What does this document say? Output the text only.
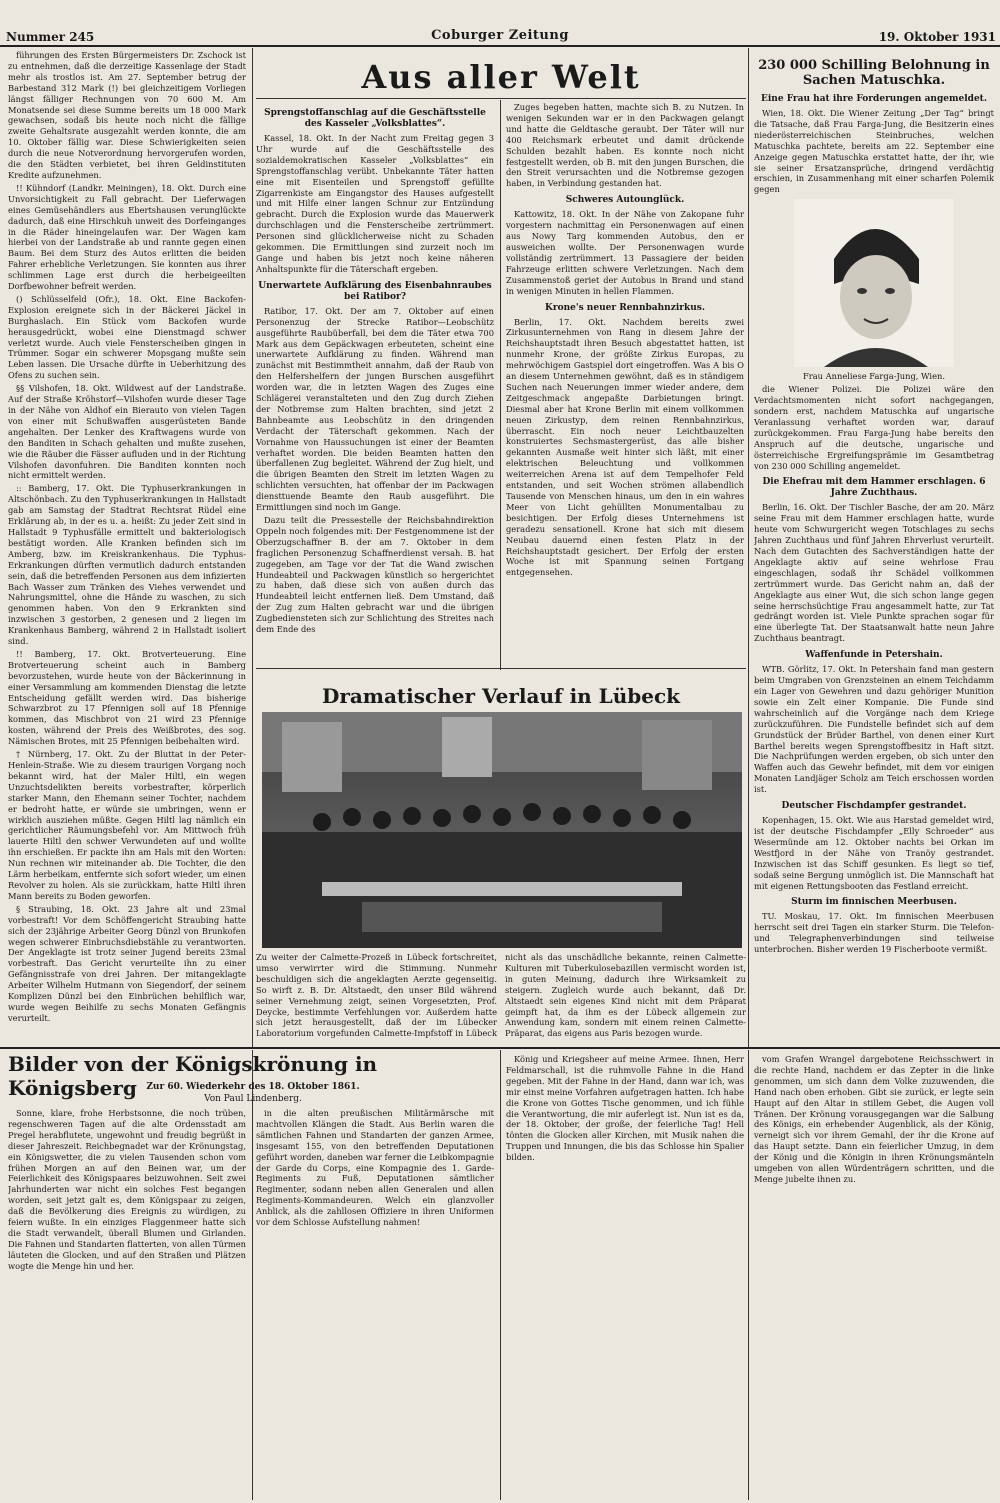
Nummer 245	Coburger Zeitung	19. Oktober 1931

führungen des Ersten Bürgermeisters Dr. Zschock ist zu entnehmen, daß die derzeitige Kassenlage der Stadt mehr als trostlos ist. Am 27. September betrug der Barbestand 312 Mark (!) bei gleichzeitigem Vorliegen längst fälliger Rechnungen von 70 600 M. Am Monatsende sei diese Summe bereits um 18 000 Mark gewachsen, sodaß bis heute noch nicht die fällige zweite Gehaltsrate ausgezahlt werden konnte, die am 10. Oktober fällig war. Diese Schwierigkeiten seien durch die neue Notverordnung hervorgerufen worden, die den Städten verbietet, bei ihren Geldinstituten Kredite aufzunehmen.

!! Kühndorf (Landkr. Meiningen), 18. Okt. Durch eine Unvorsichtigkeit zu Fall gebracht. Der Lieferwagen eines Gemüsehändlers aus Ebertshausen verunglückte dadurch, daß eine Hirschkuh unweit des Dorfeinganges in die Räder hineingelaufen war. Der Wagen kam hierbei von der Landstraße ab und rannte gegen einen Baum. Bei dem Sturz des Autos erlitten die beiden Fahrer erhebliche Verletzungen. Sie konnten aus ihrer schlimmen Lage erst durch die herbeigeeilten Dorfbewohner befreit werden.

() Schlüsselfeld (Ofr.), 18. Okt. Eine Backofen-Explosion ereignete sich in der Bäckerei Jäckel in Burghaslach. Ein Stück vom Backofen wurde herausgedrückt, wobei eine Dienstmagd schwer verletzt wurde. Auch viele Fensterscheiben gingen in Trümmer. Sogar ein schwerer Mopsgang mußte sein Leben lassen. Die Ursache dürfte in Ueberhitzung des Ofens zu suchen sein.

§§ Vilshofen, 18. Okt. Wildwest auf der Landstraße. Auf der Straße Kröhstorf—Vilshofen wurde dieser Tage in der Nähe von Aldhof ein Bierauto von vielen Tagen von einer mit Schußwaffen ausgerüsteten Bande angehalten. Der Lenker des Kraftwagens wurde von den Banditen in Schach gehalten und mußte zusehen, wie die Räuber die Fässer aufluden und in der Richtung Vilshofen davonfuhren. Die Banditen konnten noch nicht ermittelt werden.

:: Bamberg, 17. Okt. Die Typhuserkrankungen in Altschönbach. Zu den Typhuserkrankungen in Hallstadt gab am Samstag der Stadtrat Rechtsrat Rüdel eine Erklärung ab, in der es u. a. heißt: Zu jeder Zeit sind in Hallstadt 9 Typhusfälle ermittelt und bakteriologisch bestätigt worden. Alle Kranken befinden sich im Amberg, bzw. im Kreiskrankenhaus. Die Typhus-Erkrankungen dürften vermutlich dadurch entstanden sein, daß die betreffenden Personen aus dem infizierten Bach Wasser zum Tränken des Viehes verwendet und Nahrungsmittel, ohne die Hände zu waschen, zu sich genommen haben. Von den 9 Erkrankten sind inzwischen 3 gestorben, 2 genesen und 2 liegen im Krankenhaus Bamberg, während 2 in Hallstadt isoliert sind.

!! Bamberg, 17. Okt. Brotverteuerung. Eine Brotverteuerung scheint auch in Bamberg bevorzustehen, wurde heute von der Bäckerinnung in einer Versammlung am kommenden Dienstag die letzte Entscheidung gefällt werden wird. Das bisherige Schwarzbrot zu 17 Pfennigen soll auf 18 Pfennige kommen, das Mischbrot von 21 wird 23 Pfennige kosten, während der Preis des Weißbrotes, des sog. Nämischen Brotes, mit 25 Pfennigen beibehalten wird.

† Nürnberg, 17. Okt. Zu der Bluttat in der Peter-Henlein-Straße. Wie zu diesem traurigen Vorgang noch bekannt wird, hat der Maler Hiltl, ein wegen Unzuchtsdelikten bereits vorbestrafter, körperlich starker Mann, den Ehemann seiner Tochter, nachdem er bedroht hatte, er würde sie umbringen, wenn er wirklich ausziehen müßte. Gegen Hiltl lag nämlich ein gerichtlicher Räumungsbefehl vor. Am Mittwoch früh lauerte Hiltl den schwer Verwundeten auf und wollte ihn erschießen. Er packte ihn am Hals mit den Worten: Nun rechnen wir miteinander ab. Die Tochter, die den Lärm herbeikam, entfernte sich sofort wieder, um einen Revolver zu holen. Als sie zurückkam, hatte Hiltl ihren Mann bereits zu Boden geworfen.

§ Straubing, 18. Okt. 23 Jahre alt und 23mal vorbestraft! Vor dem Schöffengericht Straubing hatte sich der 23jährige Arbeiter Georg Dünzl von Brunkofen wegen schwerer Einbruchsdiebstähle zu verantworten. Der Angeklagte ist trotz seiner Jugend bereits 23mal vorbestraft. Das Gericht verurteilte ihn zu einer Gefängnisstrafe von drei Jahren. Der mitangeklagte Arbeiter Wilhelm Hutmann von Siegendorf, der seinem Komplizen Dünzl bei den Einbrüchen behilflich war, wurde wegen Beihilfe zu sechs Monaten Gefängnis verurteilt.

Aus aller Welt

Sprengstoffanschlag auf die Geschäftsstelle des Kasseler „Volksblattes“.

Kassel, 18. Okt. In der Nacht zum Freitag gegen 3 Uhr wurde auf die Geschäftsstelle des sozialdemokratischen Kasseler „Volksblattes“ ein Sprengstoffanschlag verübt. Unbekannte Täter hatten eine mit Eisenteilen und Sprengstoff gefüllte Zigarrenkiste am Eingangstor des Hauses aufgestellt und mit Hilfe einer langen Schnur zur Entzündung gebracht. Durch die Explosion wurde das Mauerwerk durchschlagen und die Fensterscheibe zertrümmert. Personen sind glücklicherweise nicht zu Schaden gekommen. Die Ermittlungen sind zurzeit noch im Gange und haben bis jetzt noch keine näheren Anhaltspunkte für die Täterschaft ergeben.

Unerwartete Aufklärung des Eisenbahnraubes bei Ratibor?

Ratibor, 17. Okt. Der am 7. Oktober auf einen Personenzug der Strecke Ratibor—Leobschütz ausgeführte Raubüberfall, bei dem die Täter etwa 700 Mark aus dem Gepäckwagen erbeuteten, scheint eine unerwartete Aufklärung zu finden. Während man zunächst mit Bestimmtheit annahm, daß der Raub von den Helfershelfern der jungen Burschen ausgeführt worden war, die in letzten Wagen des Zuges eine Schlägerei veranstalteten und den Zug durch Ziehen der Notbremse zum Halten brachten, sind jetzt 2 Bahnbeamte aus Leobschütz in den dringenden Verdacht der Täterschaft gekommen. Nach der Vornahme von Haussuchungen ist einer der Beamten verhaftet worden. Die beiden Beamten hatten den überfallenen Zug begleitet. Während der Zug hielt, und die übrigen Beamten den Streit im letzten Wagen zu schlichten versuchten, hat offenbar der im Packwagen diensttuende Beamte den Raub ausgeführt. Die Ermittlungen sind noch im Gange.

Dazu teilt die Pressestelle der Reichsbahndirektion Oppeln noch folgendes mit: Der Festgenommene ist der Oberzugschaffner B. der am 7. Oktober in dem fraglichen Personenzug Schaffnerdienst versah. B. hat zugegeben, am Tage vor der Tat die Wand zwischen Hundeabteil und Packwagen künstlich so hergerichtet zu haben, daß diese sich von außen durch das Hundeabteil leicht entfernen ließ. Dem Umstand, daß der Zug zum Halten gebracht war und die übrigen Zugbediensteten sich zur Schlichtung des Streites nach dem Ende des

Zuges begeben hatten, machte sich B. zu Nutzen. In wenigen Sekunden war er in den Packwagen gelangt und hatte die Geldtasche geraubt. Der Täter will nur 400 Reichsmark erbeutet und damit drückende Schulden bezahlt haben. Es konnte noch nicht festgestellt werden, ob B. mit den jungen Burschen, die den Streit verursachten und die Notbremse gezogen haben, in Verbindung gestanden hat.

Schweres Autounglück.

Kattowitz, 18. Okt. In der Nähe von Zakopane fuhr vorgestern nachmittag ein Personenwagen auf einen aus Nowy Targ kommenden Autobus, den er ausweichen wollte. Der Personenwagen wurde vollständig zertrümmert. 13 Passagiere der beiden Fahrzeuge erlitten schwere Verletzungen. Nach dem Zusammenstoß geriet der Autobus in Brand und stand in wenigen Minuten in hellen Flammen.

Krone's neuer Rennbahnzirkus.

Berlin, 17. Okt. Nachdem bereits zwei Zirkusunternehmen von Rang in diesem Jahre der Reichshauptstadt ihren Besuch abgestattet hatten, ist nunmehr Krone, der größte Zirkus Europas, zu mehrwöchigem Gastspiel dort eingetroffen. Was A bis O an diesem Unternehmen gewöhnt, daß es in ständigem Suchen nach Neuerungen immer wieder andere, dem Zeitgeschmack angepaßte Darbietungen bringt. Diesmal aber hat Krone Berlin mit einem vollkommen neuen Zirkustyp, dem reinen Rennbahnzirkus, überrascht. Ein noch neuer Leichtbauzelten konstruiertes Sechsmastergerüst, das alle bisher gekannten Ausmaße weit hinter sich läßt, mit einer elektrischen Beleuchtung und vollkommen weiterreichen Arena ist auf dem Tempelhofer Feld entstanden, und seit Wochen strömen allabendlich Tausende von Menschen hinaus, um den in ein wahres Meer von Licht gehüllten Monumentalbau zu besichtigen. Der Erfolg dieses Unternehmens ist geradezu sensationell. Krone hat sich mit diesem Neubau dauernd einen festen Platz in der Reichshauptstadt gesichert. Der Erfolg der ersten Woche ist mit Spannung seinen Fortgang entgegensehen.

Dramatischer Verlauf in Lübeck
Zu weiter der Calmette-Prozeß in Lübeck fortschreitet, umso verwirrter wird die Stimmung. Nunmehr beschuldigen sich die angeklagten Aerzte gegenseitig. So wirft z. B. Dr. Altstaedt, den unser Bild während seiner Vernehmung zeigt, seinen Vorgesetzten, Prof. Deycke, bestimmte Verfehlungen vor. Außerdem hatte sich jetzt herausgestellt, daß der im Lübecker Laboratorium vorgefunden Calmette-Impfstoff in Lübeck nicht als das unschädliche bekannte, reinen Calmette-Kulturen mit Tuberkulosebazillen vermischt worden ist, in guten Meinung, dadurch ihre Wirksamkeit zu steigern. Zugleich wurde auch bekannt, daß Dr. Altstaedt sein eigenes Kind nicht mit dem Präparat geimpft hat, da ihm es der Lübeck allgemein zur Anwendung kam, sondern mit einem reinen Calmette-Präparat, das eigens aus Paris bezogen wurde.

230 000 Schilling Belohnung in Sachen Matuschka.

Eine Frau hat ihre Forderungen angemeldet.

Wien, 18. Okt. Die Wiener Zeitung „Der Tag“ bringt die Tatsache, daß Frau Farga-Jung, die Besitzerin eines niederösterreichischen Steinbruches, welchen Matuschka pachtete, bereits am 22. September eine Anzeige gegen Matuschka erstattet hatte, der ihr, wie sie seiner Ersatzansprüche, dringend verdächtig erschien, in Zusammenhang mit einer scharfen Polemik gegen

Frau Anneliese Farga-Jung, Wien.

die Wiener Polizei. Die Polizei wäre den Verdachtsmomenten nicht sofort nachgegangen, sondern erst, nachdem Matuschka auf ungarische Veranlassung verhaftet worden war, darauf zurückgekommen. Frau Farga-Jung habe bereits den Anspruch auf die deutsche, ungarische und österreichische Ergreifungsprämie im Gesamtbetrag von 230 000 Schilling angemeldet.

Die Ehefrau mit dem Hammer erschlagen. 6 Jahre Zuchthaus.

Berlin, 16. Okt. Der Tischler Basche, der am 20. März seine Frau mit dem Hammer erschlagen hatte, wurde heute vom Schwurgericht wegen Totschlages zu sechs Jahren Zuchthaus und fünf Jahren Ehrverlust verurteilt. Nach dem Gutachten des Sachverständigen hatte der Angeklagte aktiv auf seine wehrlose Frau eingeschlagen, sodaß ihr Schädel vollkommen zertrümmert wurde. Das Gericht nahm an, daß der Angeklagte aus einer Wut, die sich schon lange gegen seine herrschsüchtige Frau angesammelt hatte, zur Tat gedrängt worden ist. Viele Punkte sprachen sogar für eine überlegte Tat. Der Staatsanwalt hatte neun Jahre Zuchthaus beantragt.

Waffenfunde in Petershain.

WTB. Görlitz, 17. Okt. In Petershain fand man gestern beim Umgraben von Grenzsteinen an einem Teichdamm ein Lager von Gewehren und dazu gehöriger Munition sowie ein Zelt einer Kompanie. Die Funde sind wahrscheinlich auf die Vorgänge nach dem Kriege zurückzuführen. Die Fundstelle befindet sich auf dem Grundstück der Brüder Barthel, von denen einer Kurt Barthel bereits wegen Sprengstoffbesitz in Haft sitzt. Die Nachprüfungen werden ergeben, ob sich unter den Waffen auch das Gewehr befindet, mit dem vor einigen Monaten Landjäger Scholz am Teich erschossen worden ist.

Deutscher Fischdampfer gestrandet.

Kopenhagen, 15. Okt. Wie aus Harstad gemeldet wird, ist der deutsche Fischdampfer „Elly Schroeder“ aus Wesermünde am 12. Oktober nachts bei Orkan im Westfjord in der Nähe von Tranöy gestrandet. Inzwischen ist das Schiff gesunken. Es liegt so tief, sodaß seine Bergung unmöglich ist. Die Mannschaft hat mit eigenen Rettungsbooten das Festland erreicht.

Sturm im finnischen Meerbusen.

TU. Moskau, 17. Okt. Im finnischen Meerbusen herrscht seit drei Tagen ein starker Sturm. Die Telefon- und Telegraphenverbindungen sind teilweise unterbrochen. Bisher werden 19 Fischerboote vermißt.

Bilder von der Königskrönung in Königsberg	Zur 60. Wiederkehr des 18. Oktober 1861.
Von Paul Lindenberg.

Sonne, klare, frohe Herbstsonne, die noch trüben, regenschweren Tagen auf die alte Ordensstadt am Pregel herabflutete, ungewohnt und freudig begrüßt in dieser Jahreszeit. Reichbegnadet war der Krönungstag, ein Königswetter, die zu vielen Tausenden schon vom frühen Morgen an auf den Beinen war, um der Feierlichkeit des Königspaares beizuwohnen. Seit zwei Jahrhunderten war nicht ein solches Fest begangen worden, seit jetzt galt es, dem Königspaar zu zeigen, daß die Bevölkerung dies Ereignis zu würdigen, zu feiern wußte. In ein einziges Flaggenmeer hatte sich die Stadt verwandelt, überall Blumen und Girlanden. Die Fahnen und Standarten flatterten, von allen Türmen läuteten die Glocken, und auf den Straßen und Plätzen wogte die Menge hin und her.

in die alten preußischen Militärmärsche mit machtvollen Klängen die Stadt. Aus Berlin waren die sämtlichen Fahnen und Standarten der ganzen Armee, insgesamt 155, von den betreffenden Deputationen geführt worden, daneben war ferner die Leibkompagnie der Garde du Corps, eine Kompagnie des 1. Garde-Regiments zu Fuß, Deputationen sämtlicher Regimenter, sodann neben allen Generalen und allen Regiments-Kommandeuren. Welch ein glanzvoller Anblick, als die zahllosen Offiziere in ihren Uniformen vor dem Schlosse Aufstellung nahmen!

König und Kriegsheer auf meine Armee. Ihnen, Herr Feldmarschall, ist die ruhmvolle Fahne in die Hand gegeben. Mit der Fahne in der Hand, dann war ich, was mir einst meine Vorfahren aufgetragen hatten. Ich habe die Krone von Gottes Tische genommen, und ich fühle die Verantwortung, die mir auferlegt ist. Nun ist es da, der 18. Oktober, der große, der feierliche Tag! Hell tönten die Glocken aller Kirchen, mit Musik nahen die Truppen und Innungen, die bis das Schlosse hin Spalier bilden.

vom Grafen Wrangel dargebotene Reichsschwert in die rechte Hand, nachdem er das Zepter in die linke genommen, um sich dann dem Volke zuzuwenden, die Hand nach oben erhoben. Gibt sie zurück, er legte sein Haupt auf den Altar in stillem Gebet, die Augen voll Tränen. Der Krönung vorausgegangen war die Salbung des Königs, ein erhebender Augenblick, als der König, verneigt sich vor ihrem Gemahl, der ihr die Krone auf das Haupt setzte. Dann ein feierlicher Umzug, in dem der König und die Königin in ihren Krönungsmänteln umgeben von allen Würdenträgern schritten, und die Menge jubelte ihnen zu.
